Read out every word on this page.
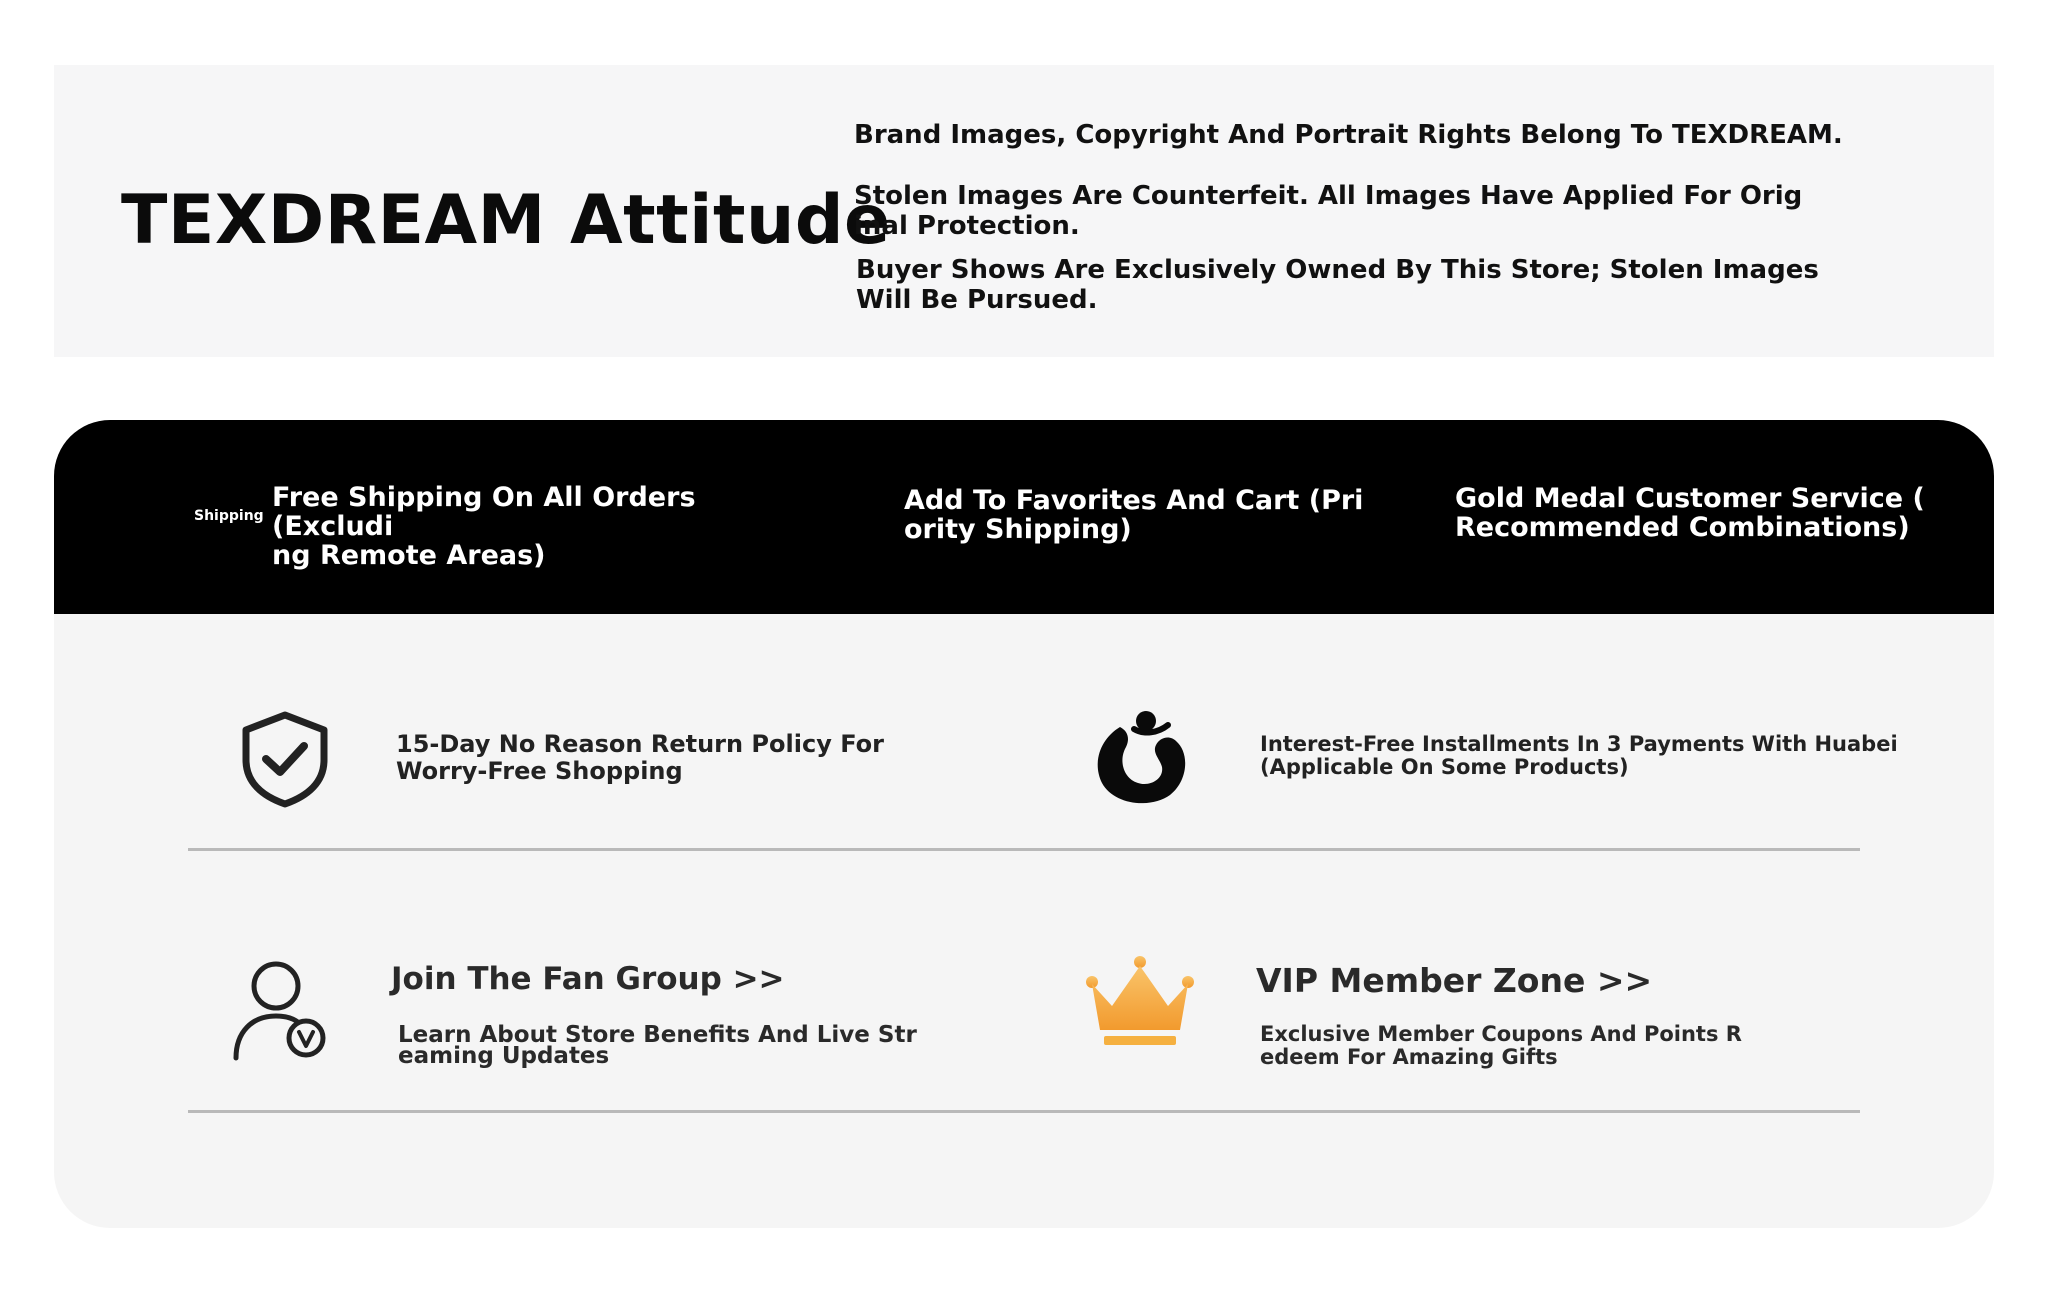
TEXDREAM Attitude
Brand Images, Copyright And Portrait Rights Belong To TEXDREAM.
Stolen Images Are Counterfeit. All Images Have Applied For Orig
inal Protection.
Buyer Shows Are Exclusively Owned By This Store; Stolen Images
Will Be Pursued.
Shipping
Free Shipping On All Orders (Excludi
ng Remote Areas)
Add To Favorites And Cart (Pri
ority Shipping)
Gold Medal Customer Service (
Recommended Combinations)
15-Day No Reason Return Policy For
Worry-Free Shopping
Interest-Free Installments In 3 Payments With Huabei
(Applicable On Some Products)
Join The Fan Group >>
Learn About Store Benefits And Live Str
eaming Updates
VIP Member Zone >>
Exclusive Member Coupons And Points R
edeem For Amazing Gifts
